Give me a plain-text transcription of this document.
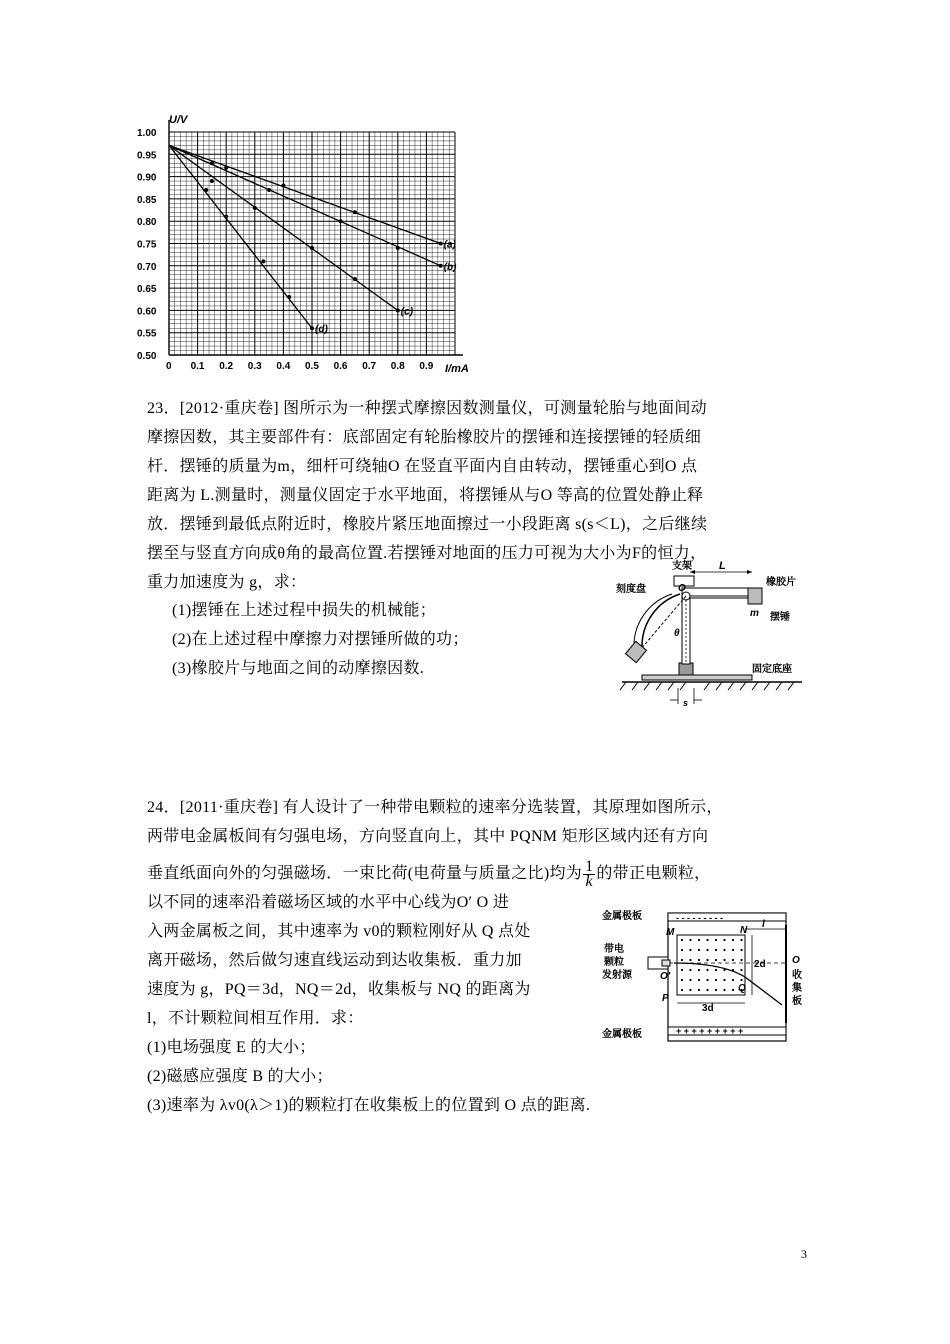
(a)
(b)
(c)
(d)
0 0.1 0.2 0.3 0.4 0.5 0.6 0.7 0.8 0.9
1.00
0.95
0.90
0.85
0.80
0.75
0.70
0.65
0.60
0.55
0.50
U/V
I/mA
23．[2012·重庆卷] 图所示为一种摆式摩擦因数测量仪，可测量轮胎与地面间动
摩擦因数，其主要部件有：底部固定有轮胎橡胶片的摆锤和连接摆锤的轻质细
杆．摆锤的质量为m，细杆可绕轴O 在竖直平面内自由转动，摆锤重心到O 点
距离为 L.测量时，测量仪固定于水平地面，将摆锤从与O 等高的位置处静止释
放．摆锤到最低点附近时，橡胶片紧压地面擦过一小段距离 s(s＜L)，之后继续
摆至与竖直方向成θ角的最高位置.若摆锤对地面的压力可视为大小为F的恒力，
重力加速度为 g，求：
(1)摆锤在上述过程中损失的机械能；
(2)在上述过程中摩擦力对摆锤所做的功；
(3)橡胶片与地面之间的动摩擦因数.
支架
刻度盘
L
O
橡胶片
m 摆锤
θ
固定底座
s
24．[2011·重庆卷] 有人设计了一种带电颗粒的速率分选装置，其原理如图所示，
两带电金属板间有匀强电场，方向竖直向上，其中 PQNM 矩形区域内还有方向
垂直纸面向外的匀强磁场．一束比荷(电荷量与质量之比)均为 $\frac{1}{k}$ 的带正电颗粒，
以不同的速率沿着磁场区域的水平中心线为O′ O 进
入两金属板之间，其中速率为 v0的颗粒刚好从 Q 点处
离开磁场，然后做匀速直线运动到达收集板．重力加
速度为 g，PQ＝3d，NQ＝2d，收集板与 NQ 的距离为
l，不计颗粒间相互作用．求：
(1)电场强度 E 的大小；
(2)磁感应强度 B 的大小；
(3)速率为 λv0(λ＞1)的颗粒打在收集板上的位置到 O 点的距离.
- - - - - - - - -
+ + + + + + + + +
金属极板
金属极板
带电
颗粒
发射源
M	N
P
Q
O′
O
l
2d
3d
收
集
板
3
